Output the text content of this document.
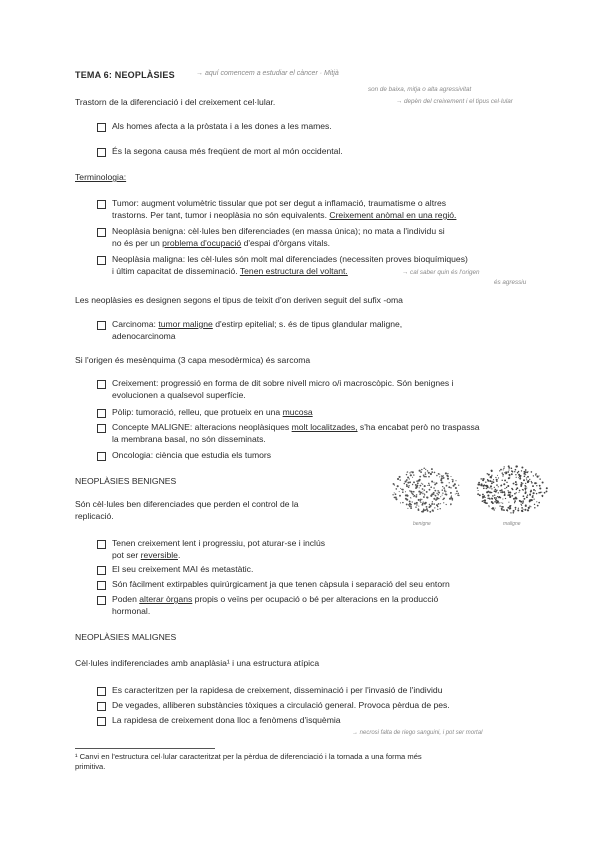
TEMA 6: NEOPLÀSIES	→ aquí comencem a estudiar el càncer · Mitjà
son de baixa, mitja o alta agressivitat
→ depèn del creixement i el tipus cel·lular
Trastorn de la diferenciació i del creixement cel·lular.
Als homes afecta a la pròstata i a les dones a les mames.
És la segona causa més freqüent de mort al món occidental.
Terminologia:
Tumor: augment volumètric tissular que pot ser degut a inflamació, traumatisme o altres
trastorns. Per tant, tumor i neoplàsia no són equivalents. Creixement anòmal en una regió.
Neoplàsia benigna: cèl·lules ben diferenciades (en massa única); no mata a l'individu si
no és per un problema d'ocupació d'espai d'òrgans vitals.
Neoplàsia maligna: les cèl·lules són molt mal diferenciades (necessiten proves bioquímiques)
i últim capacitat de disseminació. Tenen estructura del voltant.	→ cal saber quin és l'origen
és agressiu
Les neoplàsies es designen segons el tipus de teixit d'on deriven seguit del sufix -oma
Carcinoma: tumor maligne d'estirp epitelial; s. és de tipus glandular maligne,
adenocarcinoma
Si l'origen és mesènquima (3 capa mesodèrmica) és sarcoma
Creixement: progressió en forma de dit sobre nivell micro o/i macroscòpic. Són benignes i
evolucionen a qualsevol superfície.
Pòlip: tumoració, relleu, que protueix en una mucosa
Concepte MALIGNE: alteracions neoplàsiques molt localitzades, s'ha encabat però no traspassa
la membrana basal, no són disseminats.
Oncologia: ciència que estudia els tumors
NEOPLÀSIES BENIGNES
Són cèl·lules ben diferenciades que perden el control de la
replicació.
benigne	maligne
Tenen creixement lent i progressiu, pot aturar-se i inclús
pot ser reversible.
El seu creixement MAI és metastàtic.
Són fàcilment extirpables quirúrgicament ja que tenen càpsula i separació del seu entorn
Poden alterar òrgans propis o veïns per ocupació o bé per alteracions en la producció
hormonal.
NEOPLÀSIES MALIGNES
Cèl·lules indiferenciades amb anaplàsia¹ i una estructura atípica
Es caracteritzen per la rapidesa de creixement, disseminació i per l'invasió de l'individu
De vegades, alliberen substàncies tòxiques a circulació general. Provoca pèrdua de pes.
La rapidesa de creixement dona lloc a fenòmens d'isquèmia
→ necrosi falta de riego sanguini, i pot ser mortal
¹ Canvi en l'estructura cel·lular caracteritzat per la pèrdua de diferenciació i la tornada a una forma més
primitiva.
